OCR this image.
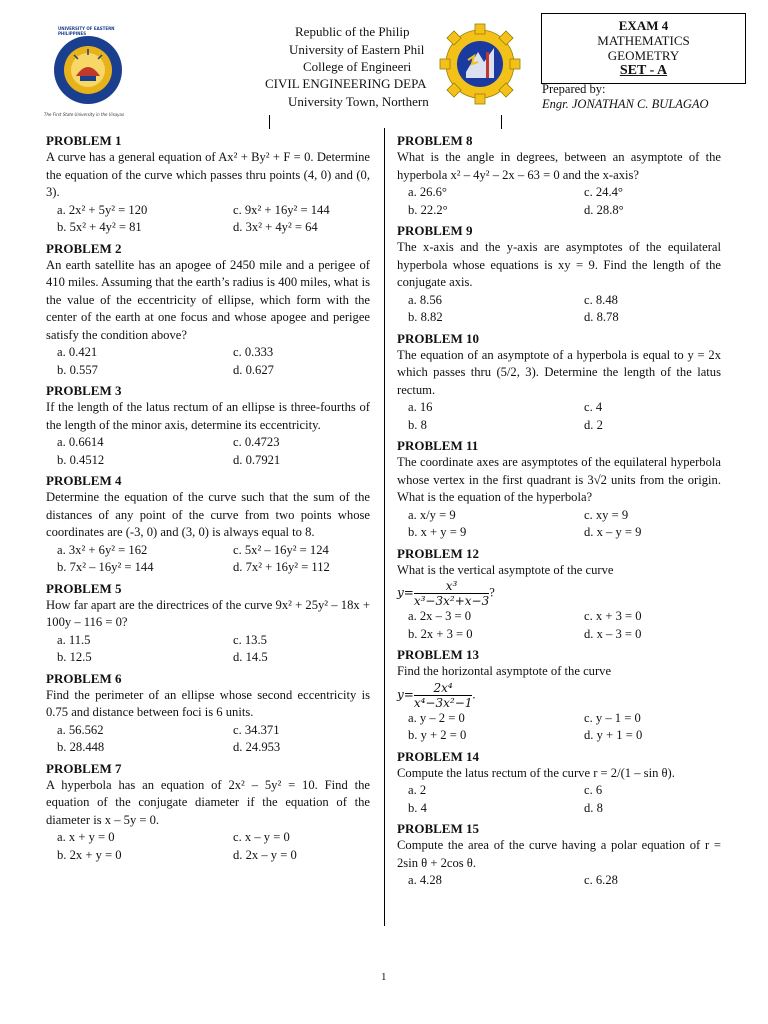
UNIVERSITY OF EASTERN PHILIPPINES
The First State University in the Visayas
Republic of the Philip
University of Eastern Phil
College of Engineeri
CIVIL ENGINEERING DEPA
University Town, Northern
EXAM 4
MATHEMATICS
GEOMETRY
SET - A
Prepared by:
Engr. JONATHAN C. BULAGAO
PROBLEM 1
A curve has a general equation of Ax² + By² + F = 0. Determine the equation of the curve which passes thru points (4, 0) and (0, 3).
a. 2x² + 5y² = 120	c. 9x² + 16y² = 144
b. 5x² + 4y² = 81	d. 3x² + 4y² = 64
PROBLEM 2
An earth satellite has an apogee of 2450 mile and a perigee of 410 miles. Assuming that the earth’s radius is 400 miles, what is the value of the eccentricity of ellipse, which form with the center of the earth at one focus and whose apogee and perigee satisfy the condition above?
a. 0.421	c. 0.333
b. 0.557	d. 0.627
PROBLEM 3
If the length of the latus rectum of an ellipse is three-fourths of the length of the minor axis, determine its eccentricity.
a. 0.6614	c. 0.4723
b. 0.4512	d. 0.7921
PROBLEM 4
Determine the equation of the curve such that the sum of the distances of any point of the curve from two points whose coordinates are (-3, 0) and (3, 0) is always equal to 8.
a. 3x² + 6y² = 162	c. 5x² – 16y² = 124
b. 7x² – 16y² = 144	d. 7x² + 16y² = 112
PROBLEM 5
How far apart are the directrices of the curve 9x² + 25y² – 18x + 100y – 116 = 0?
a. 11.5	c. 13.5
b. 12.5	d. 14.5
PROBLEM 6
Find the perimeter of an ellipse whose second eccentricity is 0.75 and distance between foci is 6 units.
a. 56.562	c. 34.371
b. 28.448	d. 24.953
PROBLEM 7
A hyperbola has an equation of 2x² – 5y² = 10. Find the equation of the conjugate diameter if the equation of the diameter is x – 5y = 0.
a. x + y = 0	c. x – y = 0
b. 2x + y = 0	d. 2x – y = 0
PROBLEM 8
What is the angle in degrees, between an asymptote of the hyperbola x² – 4y² – 2x – 63 = 0 and the x-axis?
a. 26.6°	c. 24.4°
b. 22.2°	d. 28.8°
PROBLEM 9
The x-axis and the y-axis are asymptotes of the equilateral hyperbola whose equations is xy = 9. Find the length of the conjugate axis.
a. 8.56	c. 8.48
b. 8.82	d. 8.78
PROBLEM 10
The equation of an asymptote of a hyperbola is equal to y = 2x which passes thru (5/2, 3). Determine the length of the latus rectum.
a. 16	c. 4
b. 8	d. 2
PROBLEM 11
The coordinate axes are asymptotes of the equilateral hyperbola whose vertex in the first quadrant is 3√2 units from the origin. What is the equation of the hyperbola?
a. x/y = 9	c. xy = 9
b. x + y = 9	d. x – y = 9
PROBLEM 12
What is the vertical asymptote of the curve
$y= \frac{\text{x³}}{\text{x³−3x²+x−3}}$ ?
a. 2x – 3 = 0	c. x + 3 = 0
b. 2x + 3 = 0	d. x – 3 = 0
PROBLEM 13
Find the horizontal asymptote of the curve
$y= \frac{\text{2x⁴}}{\text{x⁴−3x²−1}}$ .
a. y – 2 = 0	c. y – 1 = 0
b. y + 2 = 0	d. y + 1 = 0
PROBLEM 14
Compute the latus rectum of the curve r = 2/(1 – sin θ).
a. 2	c. 6
b. 4	d. 8
PROBLEM 15
Compute the area of the curve having a polar equation of r = 2sin θ + 2cos θ.
a. 4.28	c. 6.28
1
